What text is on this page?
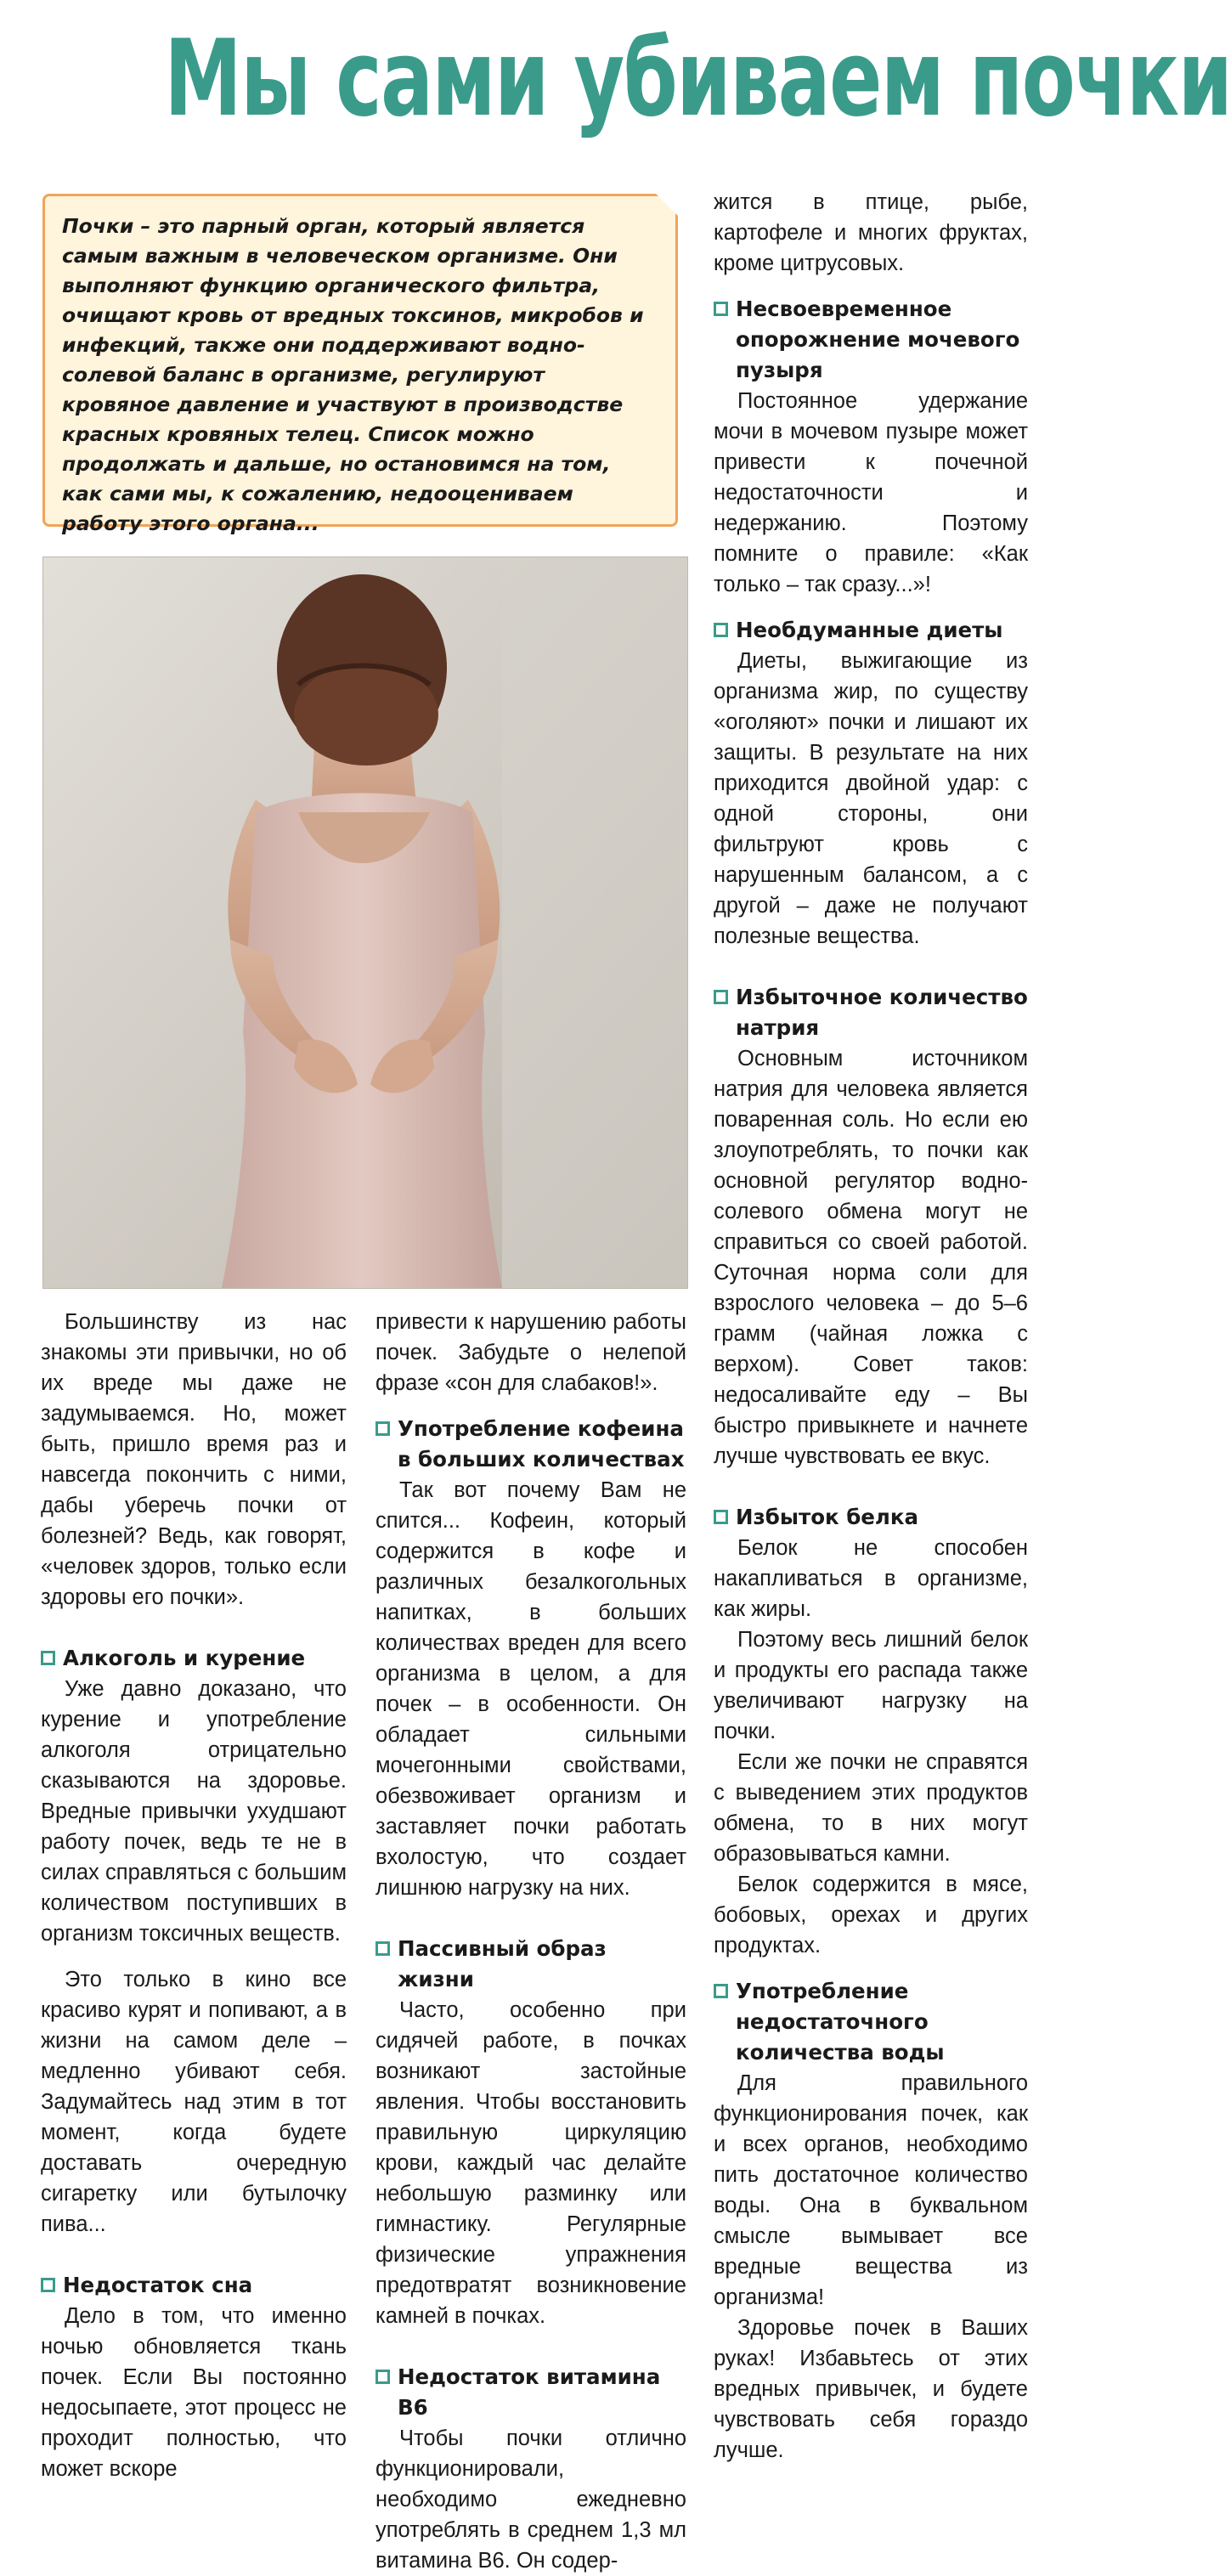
Мы сами убиваем почки
Почки – это парный орган, который является самым важным в человеческом организме. Они выполняют функцию органического фильтра, очищают кровь от вредных токсинов, микробов и инфекций, также они поддерживают водно-солевой баланс в организме, регулируют кровяное давление и участвуют в производстве красных кровяных телец. Список можно продолжать и дальше, но остановимся на том, как сами мы, к сожалению, недооцениваем работу этого органа...

Большинству из нас знакомы эти привычки, но об их вреде мы даже не задумываемся. Но, может быть, пришло время раз и навсегда покончить с ними, дабы уберечь почки от болезней? Ведь, как говорят, «человек здоров, только если здоровы его почки».

Алкоголь и курение

Уже давно доказано, что курение и употребление алкоголя отрицательно сказываются на здоровье. Вредные привычки ухудшают работу почек, ведь те не в силах справляться с большим количеством поступивших в организм токсичных веществ.

Это только в кино все красиво курят и попивают, а в жизни на самом деле – медленно убивают себя. Задумайтесь над этим в тот момент, когда будете доставать очередную сигаретку или бутылочку пива...

Недостаток сна

Дело в том, что именно ночью обновляется ткань почек. Если Вы постоянно недосыпаете, этот процесс не проходит полностью, что может вскоре

привести к нарушению работы почек. Забудьте о нелепой фразе «сон для слабаков!».

Употребление кофеина в больших количествах

Так вот почему Вам не спится... Кофеин, который содержится в кофе и различных безалкогольных напитках, в больших количествах вреден для всего организма в целом, а для почек – в особенности. Он обладает сильными мочегонными свойствами, обезвоживает организм и заставляет почки работать вхолостую, что создает лишнюю нагрузку на них.

Пассивный образ жизни

Часто, особенно при сидячей работе, в почках возникают застойные явления. Чтобы восстановить правильную циркуляцию крови, каждый час делайте небольшую разминку или гимнастику. Регулярные физические упражнения предотвратят возникновение камней в почках.

Недостаток витамина В6

Чтобы почки отлично функционировали, необходимо ежедневно употреблять в среднем 1,3 мл витамина В6. Он содер-

жится в птице, рыбе, картофеле и многих фруктах, кроме цитрусовых.

Несвоевременное опорожнение мочевого пузыря

Постоянное удержание мочи в мочевом пузыре может привести к почечной недостаточности и недержанию. Поэтому помните о правиле: «Как только – так сразу...»!

Необдуманные диеты

Диеты, выжигающие из организма жир, по существу «оголяют» почки и лишают их защиты. В результате на них приходится двойной удар: с одной стороны, они фильтруют кровь с нарушенным балансом, а с другой – даже не получают полезные вещества.

Избыточное количество натрия

Основным источником натрия для человека является поваренная соль. Но если ею злоупотреблять, то почки как основной регулятор водно-солевого обмена могут не справиться со своей работой. Суточная норма соли для взрослого человека – до 5–6 грамм (чайная ложка с верхом). Совет таков: недосаливайте еду – Вы быстро привыкнете и начнете лучше чувствовать ее вкус.

Избыток белка

Белок не способен накапливаться в организме, как жиры.

Поэтому весь лишний белок и продукты его распада также увеличивают нагрузку на почки.

Если же почки не справятся с выведением этих продуктов обмена, то в них могут образовываться камни.

Белок содержится в мясе, бобовых, орехах и других продуктах.

Употребление недостаточного количества воды

Для правильного функционирования почек, как и всех органов, необходимо пить достаточное количество воды. Она в буквальном смысле вымывает все вредные вещества из организма!

Здоровье почек в Ваших руках! Избавьтесь от этих вредных привычек, и будете чувствовать себя гораздо лучше.
